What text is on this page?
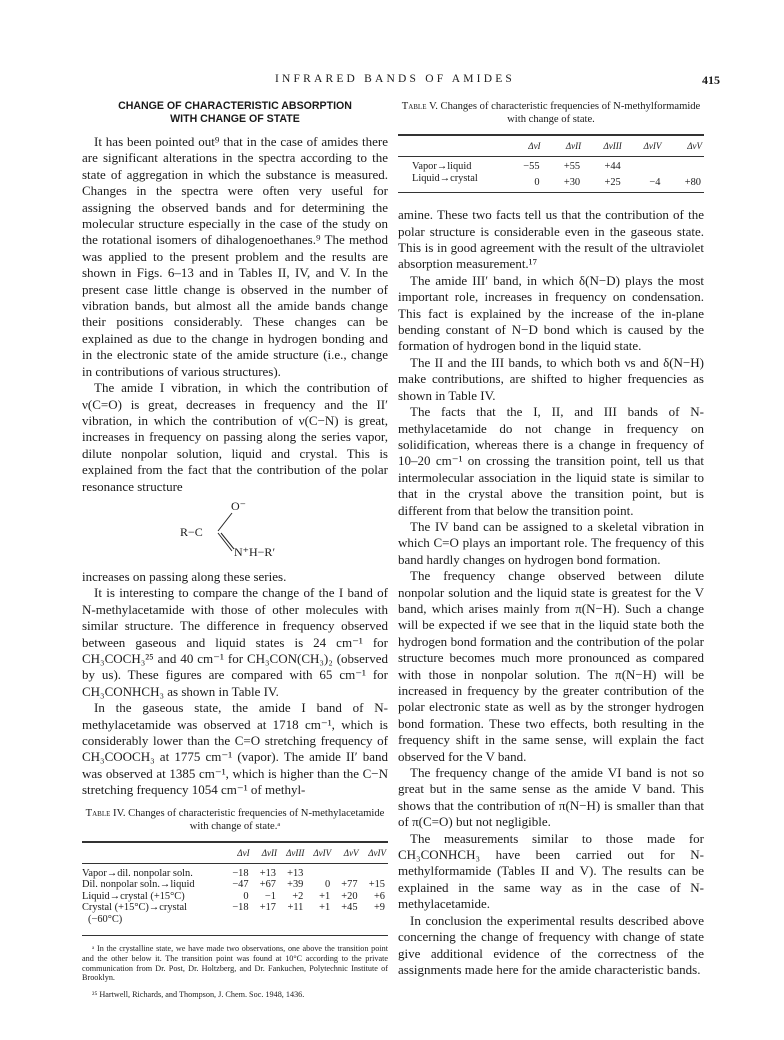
INFRARED BANDS OF AMIDES	415
CHANGE OF CHARACTERISTIC ABSORPTION
WITH CHANGE OF STATE

It has been pointed out⁹ that in the case of amides there are significant alterations in the spectra according to the state of aggregation in which the substance is measured. Changes in the spectra were often very useful for assigning the observed bands and for determining the molecular structure especially in the case of the study on the rotational isomers of dihalogenoethanes.⁹ The method was applied to the present problem and the results are shown in Figs. 6–13 and in Tables II, IV, and V. In the present case little change is observed in the number of vibration bands, but almost all the amide bands change their positions considerably. These changes can be explained as due to the change in hydrogen bonding and in the electronic state of the amide structure (i.e., change in contributions of various structures).

The amide I vibration, in which the contribution of ν(C=O) is great, decreases in frequency and the II′ vibration, in which the contribution of ν(C−N) is great, increases in frequency on passing along the series vapor, dilute nonpolar solution, liquid and crystal. This is explained from the fact that the contribution of the polar resonance structure

O⁻
R−C
N⁺H−R′

increases on passing along these series.

It is interesting to compare the change of the I band of N-methylacetamide with those of other molecules with similar structure. The difference in frequency observed between gaseous and liquid states is 24 cm⁻¹ for CH₃COCH₃²⁵ and 40 cm⁻¹ for CH₃CON(CH₃)₂ (observed by us). These figures are compared with 65 cm⁻¹ for CH₃CONHCH₃ as shown in Table IV.

In the gaseous state, the amide I band of N-methylacetamide was observed at 1718 cm⁻¹, which is considerably lower than the C=O stretching frequency of CH₃COOCH₃ at 1775 cm⁻¹ (vapor). The amide II′ band was observed at 1385 cm⁻¹, which is higher than the C−N stretching frequency 1054 cm⁻¹ of methyl-

Table IV. Changes of characteristic frequencies of N-methylacetamide with change of state.ᵃ
	ΔνI	ΔνII	ΔνIII	ΔνIV	ΔνV	ΔνIV
Vapor→dil. nonpolar soln.	−18	+13	+13			
Dil. nonpolar soln.→liquid	−47	+67	+39	0	+77	+15
Liquid→crystal (+15°C)	0	−1	+2	+1	+20	+6
Crystal (+15°C)→crystal	−18	+17	+11	+1	+45	+9
(−60°C)						
ᵃ In the crystalline state, we have made two observations, one above the transition point and the other below it. The transition point was found at 10°C according to the private communication from Dr. Post, Dr. Holtzberg, and Dr. Fankuchen, Polytechnic Institute of Brooklyn.
²⁵ Hartwell, Richards, and Thompson, J. Chem. Soc. 1948, 1436.
Table V. Changes of characteristic frequencies of N-methylformamide with change of state.
	ΔνI	ΔνII	ΔνIII	ΔνIV	ΔνV
Vapor→liquid	−55	+55	+44		
Liquid→crystal	0	+30	+25	−4	+80

amine. These two facts tell us that the contribution of the polar structure is considerable even in the gaseous state. This is in good agreement with the result of the ultraviolet absorption measurement.¹⁷

The amide III′ band, in which δ(N−D) plays the most important role, increases in frequency on condensation. This fact is explained by the increase of the in-plane bending constant of N−D bond which is caused by the formation of hydrogen bond in the liquid state.

The II and the III bands, to which both νs and δ(N−H) make contributions, are shifted to higher frequencies as shown in Table IV.

The facts that the I, II, and III bands of N-methylacetamide do not change in frequency on solidification, whereas there is a change in frequency of 10–20 cm⁻¹ on crossing the transition point, tell us that intermolecular association in the liquid state is similar to that in the crystal above the transition point, but is different from that below the transition point.

The IV band can be assigned to a skeletal vibration in which C=O plays an important role. The frequency of this band hardly changes on hydrogen bond formation.

The frequency change observed between dilute nonpolar solution and the liquid state is greatest for the V band, which arises mainly from π(N−H). Such a change will be expected if we see that in the liquid state both the hydrogen bond formation and the contribution of the polar structure becomes much more pronounced as compared with those in nonpolar solution. The π(N−H) will be increased in frequency by the greater contribution of the polar electronic state as well as by the stronger hydrogen bond formation. These two effects, both resulting in the frequency shift in the same sense, will explain the fact observed for the V band.

The frequency change of the amide VI band is not so great but in the same sense as the amide V band. This shows that the contribution of π(N−H) is smaller than that of π(C=O) but not negligible.

The measurements similar to those made for CH₃CONHCH₃ have been carried out for N-methylformamide (Tables II and V). The results can be explained in the same way as in the case of N-methylacetamide.

In conclusion the experimental results described above concerning the change of frequency with change of state give additional evidence of the correctness of the assignments made here for the amide characteristic bands.
